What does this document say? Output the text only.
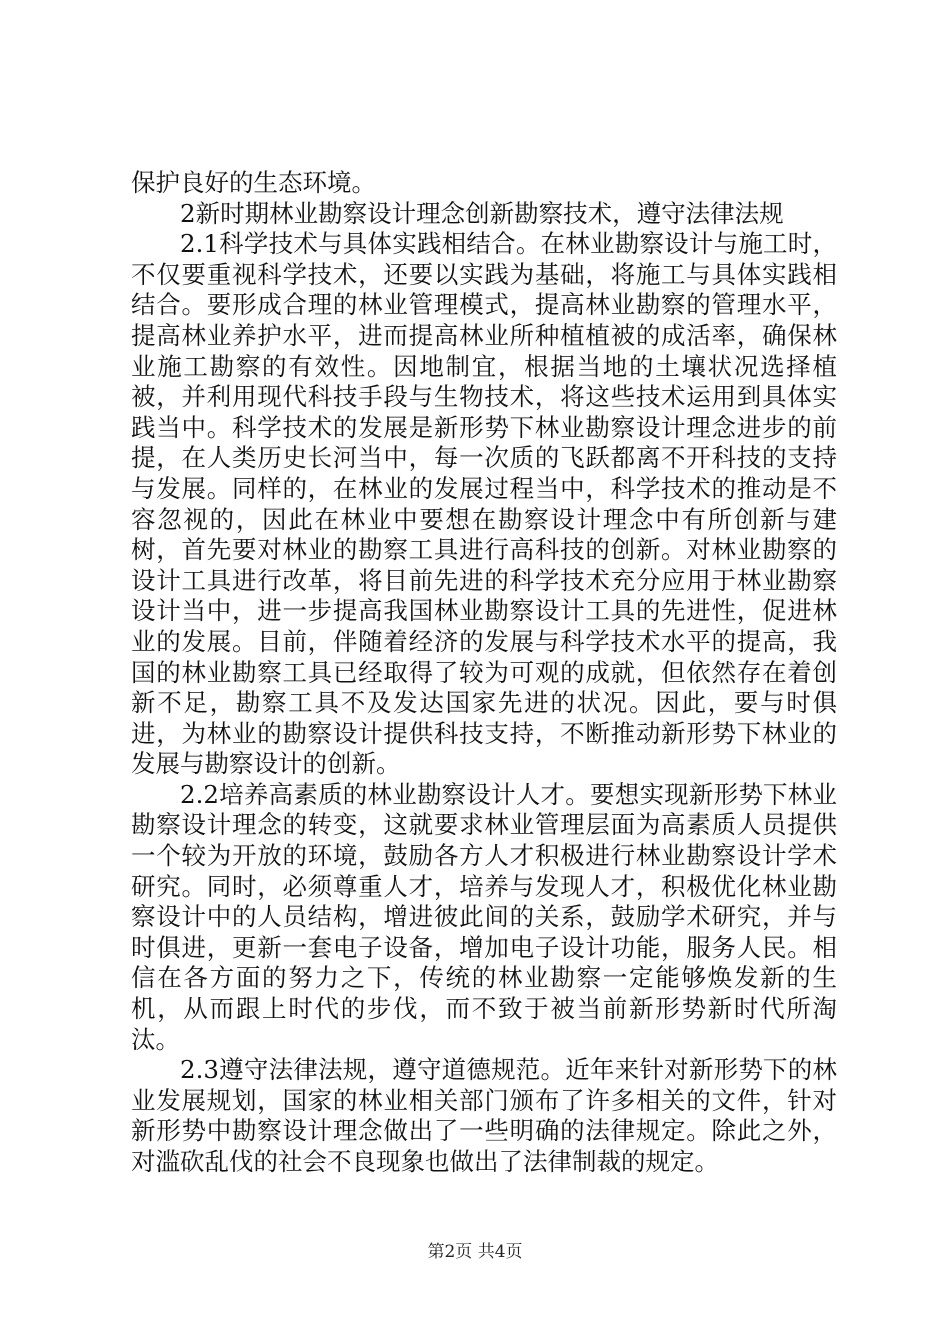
保护良好的生态环境。

2新时期林业勘察设计理念创新勘察技术，遵守法律法规

2.1科学技术与具体实践相结合。在林业勘察设计与施工时，不仅要重视科学技术，还要以实践为基础，将施工与具体实践相结合。要形成合理的林业管理模式，提高林业勘察的管理水平，提高林业养护水平，进而提高林业所种植植被的成活率，确保林业施工勘察的有效性。因地制宜，根据当地的土壤状况选择植被，并利用现代科技手段与生物技术，将这些技术运用到具体实践当中。科学技术的发展是新形势下林业勘察设计理念进步的前提，在人类历史长河当中，每一次质的飞跃都离不开科技的支持与发展。同样的，在林业的发展过程当中，科学技术的推动是不容忽视的，因此在林业中要想在勘察设计理念中有所创新与建树，首先要对林业的勘察工具进行高科技的创新。对林业勘察的设计工具进行改革，将目前先进的科学技术充分应用于林业勘察设计当中，进一步提高我国林业勘察设计工具的先进性，促进林业的发展。目前，伴随着经济的发展与科学技术水平的提高，我国的林业勘察工具已经取得了较为可观的成就，但依然存在着创新不足，勘察工具不及发达国家先进的状况。因此，要与时俱进，为林业的勘察设计提供科技支持，不断推动新形势下林业的发展与勘察设计的创新。

2.2培养高素质的林业勘察设计人才。要想实现新形势下林业勘察设计理念的转变，这就要求林业管理层面为高素质人员提供一个较为开放的环境，鼓励各方人才积极进行林业勘察设计学术研究。同时，必须尊重人才，培养与发现人才，积极优化林业勘察设计中的人员结构，增进彼此间的关系，鼓励学术研究，并与时俱进，更新一套电子设备，增加电子设计功能，服务人民。相信在各方面的努力之下，传统的林业勘察一定能够焕发新的生机，从而跟上时代的步伐，而不致于被当前新形势新时代所淘汰。

2.3遵守法律法规，遵守道德规范。近年来针对新形势下的林业发展规划，国家的林业相关部门颁布了许多相关的文件，针对新形势中勘察设计理念做出了一些明确的法律规定。除此之外，对滥砍乱伐的社会不良现象也做出了法律制裁的规定。

第2页 共4页
